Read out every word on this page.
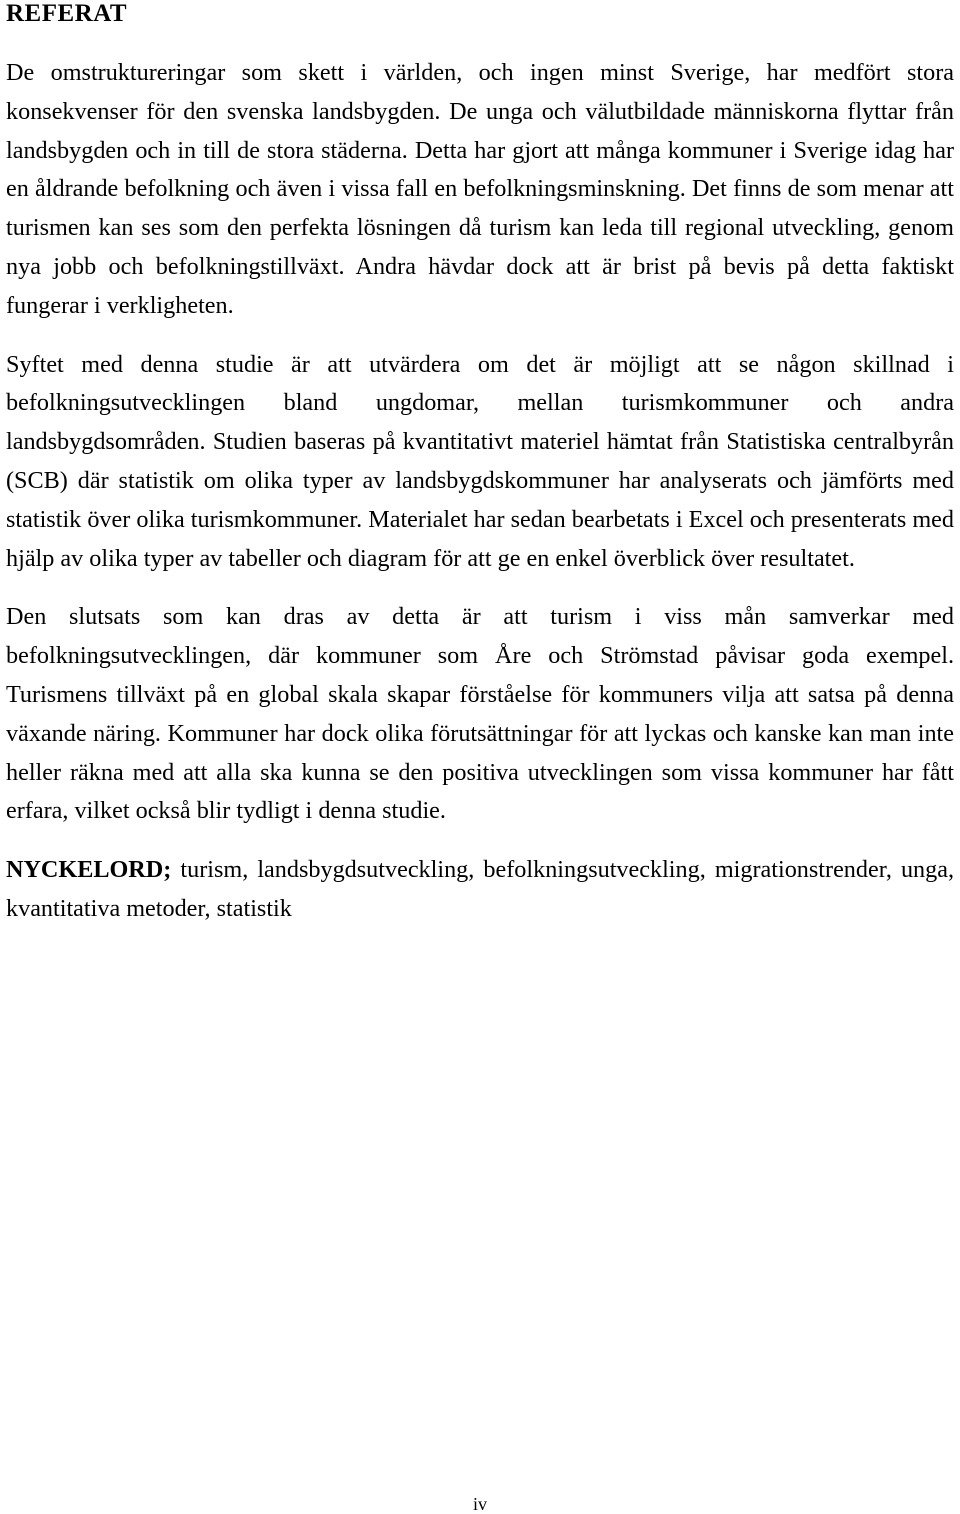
REFERAT

De omstruktureringar som skett i världen, och ingen minst Sverige, har medfört stora konsekvenser för den svenska landsbygden. De unga och välutbildade människorna flyttar från landsbygden och in till de stora städerna. Detta har gjort att många kommuner i Sverige idag har en åldrande befolkning och även i vissa fall en befolkningsminskning. Det finns de som menar att turismen kan ses som den perfekta lösningen då turism kan leda till regional utveckling, genom nya jobb och befolkningstillväxt. Andra hävdar dock att är brist på bevis på detta faktiskt fungerar i verkligheten.

Syftet med denna studie är att utvärdera om det är möjligt att se någon skillnad i befolkningsutvecklingen bland ungdomar, mellan turismkommuner och andra landsbygdsområden. Studien baseras på kvantitativt materiel hämtat från Statistiska centralbyrån (SCB) där statistik om olika typer av landsbygdskommuner har analyserats och jämförts med statistik över olika turismkommuner. Materialet har sedan bearbetats i Excel och presenterats med hjälp av olika typer av tabeller och diagram för att ge en enkel överblick över resultatet.

Den slutsats som kan dras av detta är att turism i viss mån samverkar med befolkningsutvecklingen, där kommuner som Åre och Strömstad påvisar goda exempel. Turismens tillväxt på en global skala skapar förståelse för kommuners vilja att satsa på denna växande näring. Kommuner har dock olika förutsättningar för att lyckas och kanske kan man inte heller räkna med att alla ska kunna se den positiva utvecklingen som vissa kommuner har fått erfara, vilket också blir tydligt i denna studie.

NYCKELORD; turism, landsbygdsutveckling, befolkningsutveckling, migrationstrender, unga, kvantitativa metoder, statistik

iv
